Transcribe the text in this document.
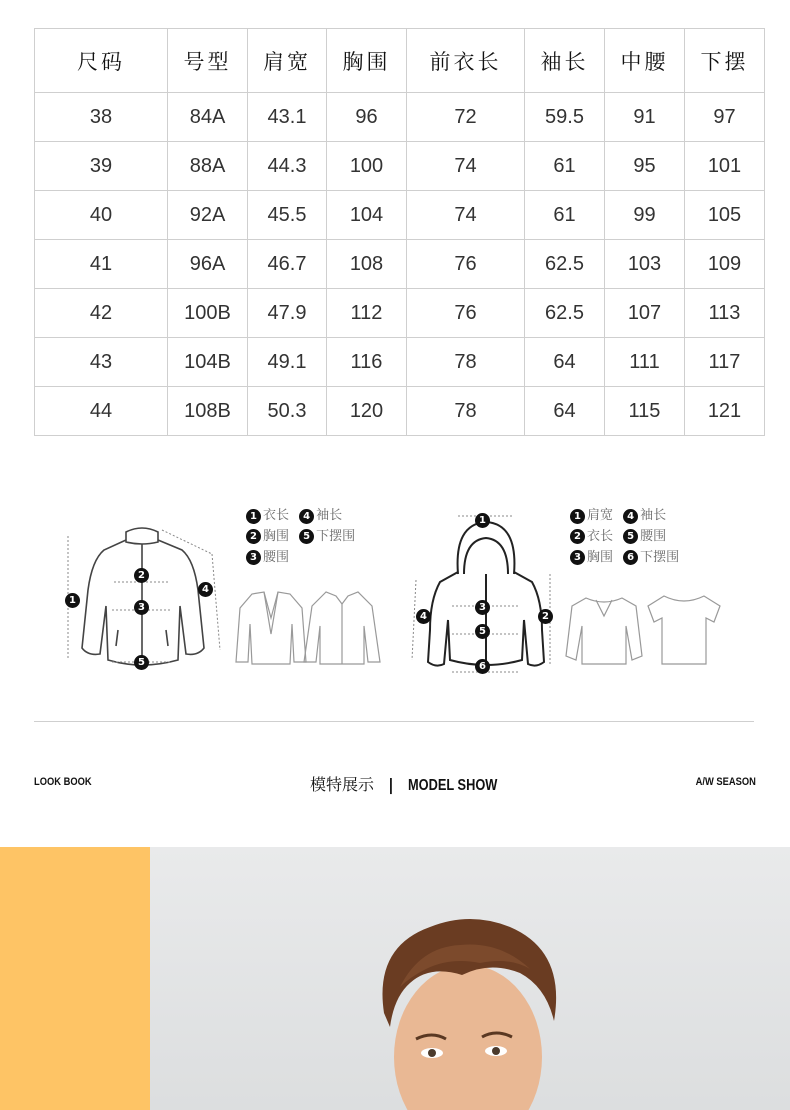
尺码	号型	肩宽	胸围	前衣长	袖长	中腰	下摆
38	84A	43.1	96	72	59.5	91	97
39	88A	44.3	100	74	61	95	101
40	92A	45.5	104	74	61	99	105
41	96A	46.7	108	76	62.5	103	109
42	100B	47.9	112	76	62.5	107	113
43	104B	49.1	116	78	64	111	117
44	108B	50.3	120	78	64	115	121
1
2
3
4
5
1 衣长 4 袖长
2 胸围 5 下摆围
3 腰围
1
2
3
4
5
6
1 肩宽 4 袖长
2 衣长 5 腰围
3 胸围 6 下摆围
LOOK BOOK	模特展示 | MODEL SHOW	A/W SEASON
